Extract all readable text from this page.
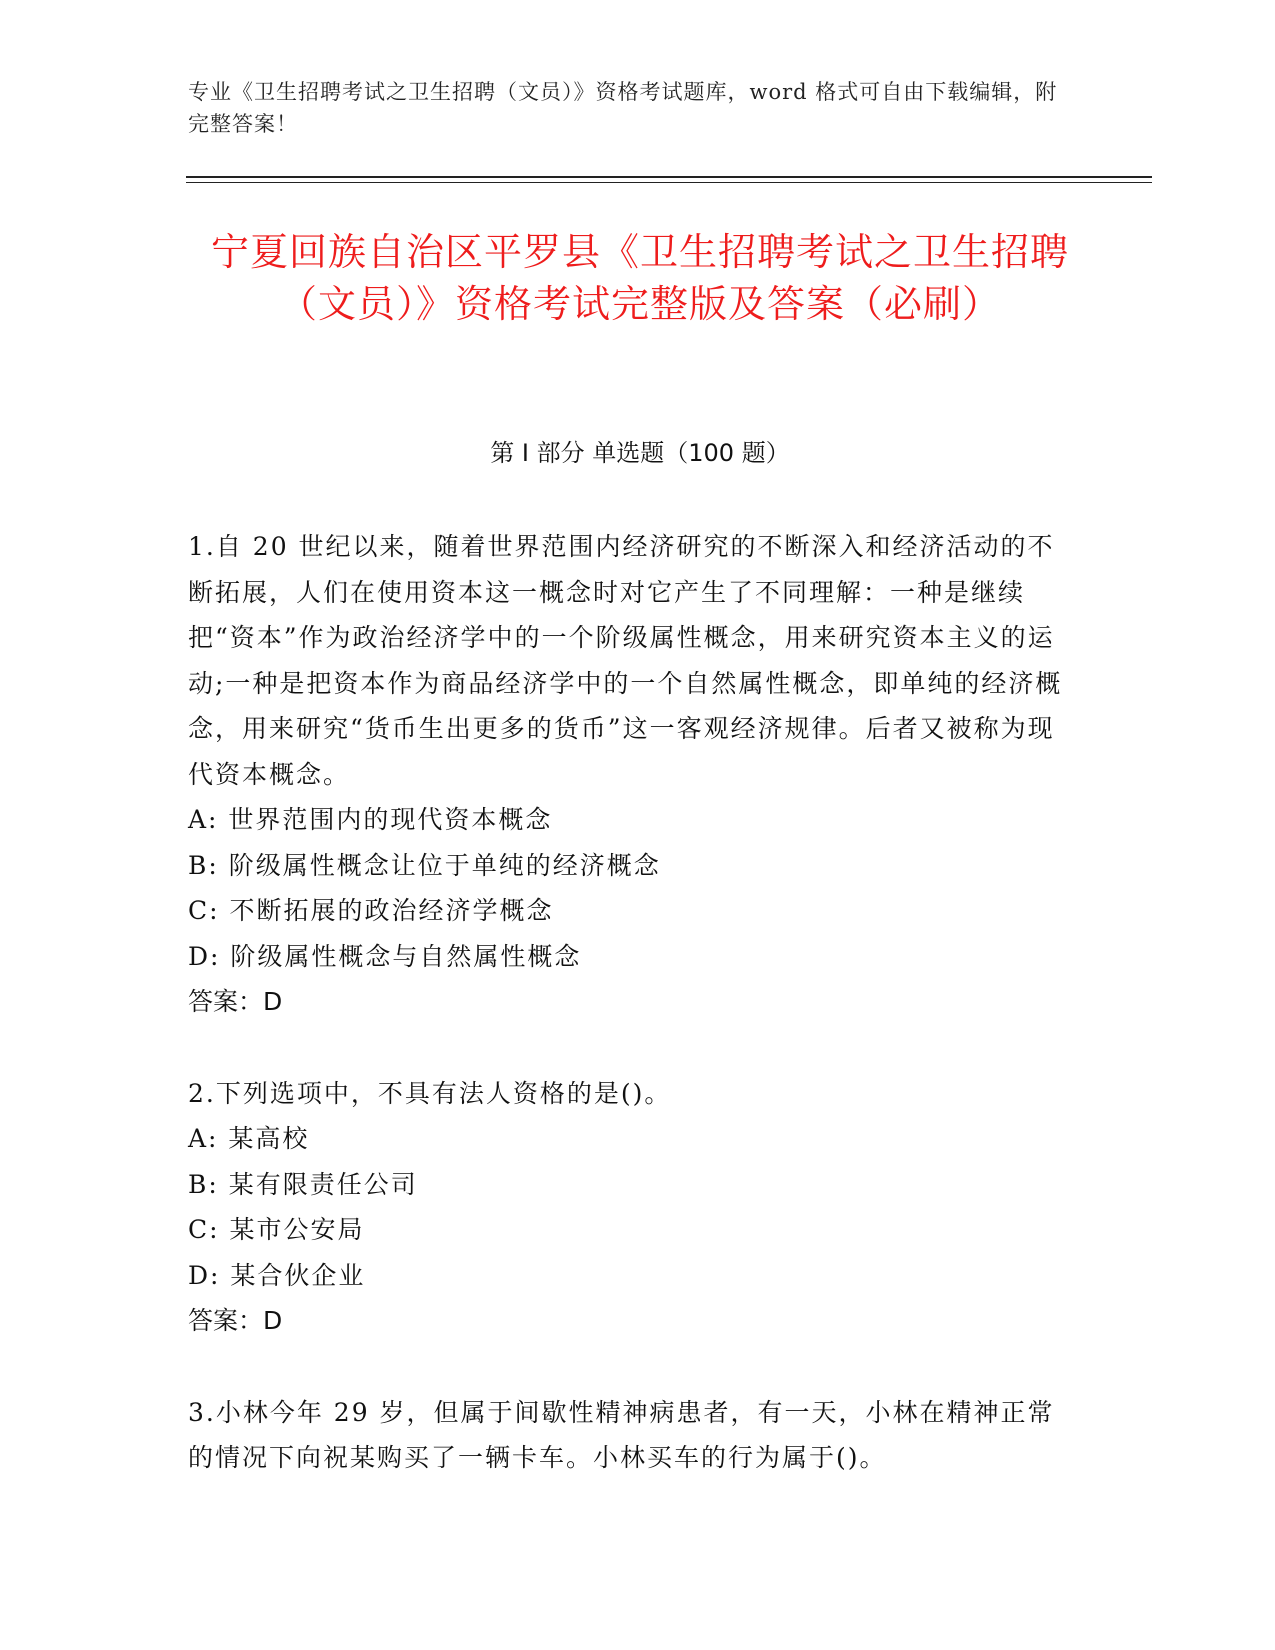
专业《卫生招聘考试之卫生招聘（文员）》资格考试题库，word 格式可自由下载编辑，附完整答案！
宁夏回族自治区平罗县《卫生招聘考试之卫生招聘（文员）》资格考试完整版及答案（必刷）
第 I 部分 单选题（100 题）

1.自 20 世纪以来，随着世界范围内经济研究的不断深入和经济活动的不断拓展，人们在使用资本这一概念时对它产生了不同理解：一种是继续把“资本”作为政治经济学中的一个阶级属性概念，用来研究资本主义的运动;一种是把资本作为商品经济学中的一个自然属性概念，即单纯的经济概念，用来研究“货币生出更多的货币”这一客观经济规律。后者又被称为现代资本概念。

A: 世界范围内的现代资本概念

B: 阶级属性概念让位于单纯的经济概念

C: 不断拓展的政治经济学概念

D: 阶级属性概念与自然属性概念

答案：D

2.下列选项中，不具有法人资格的是()。

A: 某高校

B: 某有限责任公司

C: 某市公安局

D: 某合伙企业

答案：D

3.小林今年 29 岁，但属于间歇性精神病患者，有一天，小林在精神正常的情况下向祝某购买了一辆卡车。小林买车的行为属于()。
